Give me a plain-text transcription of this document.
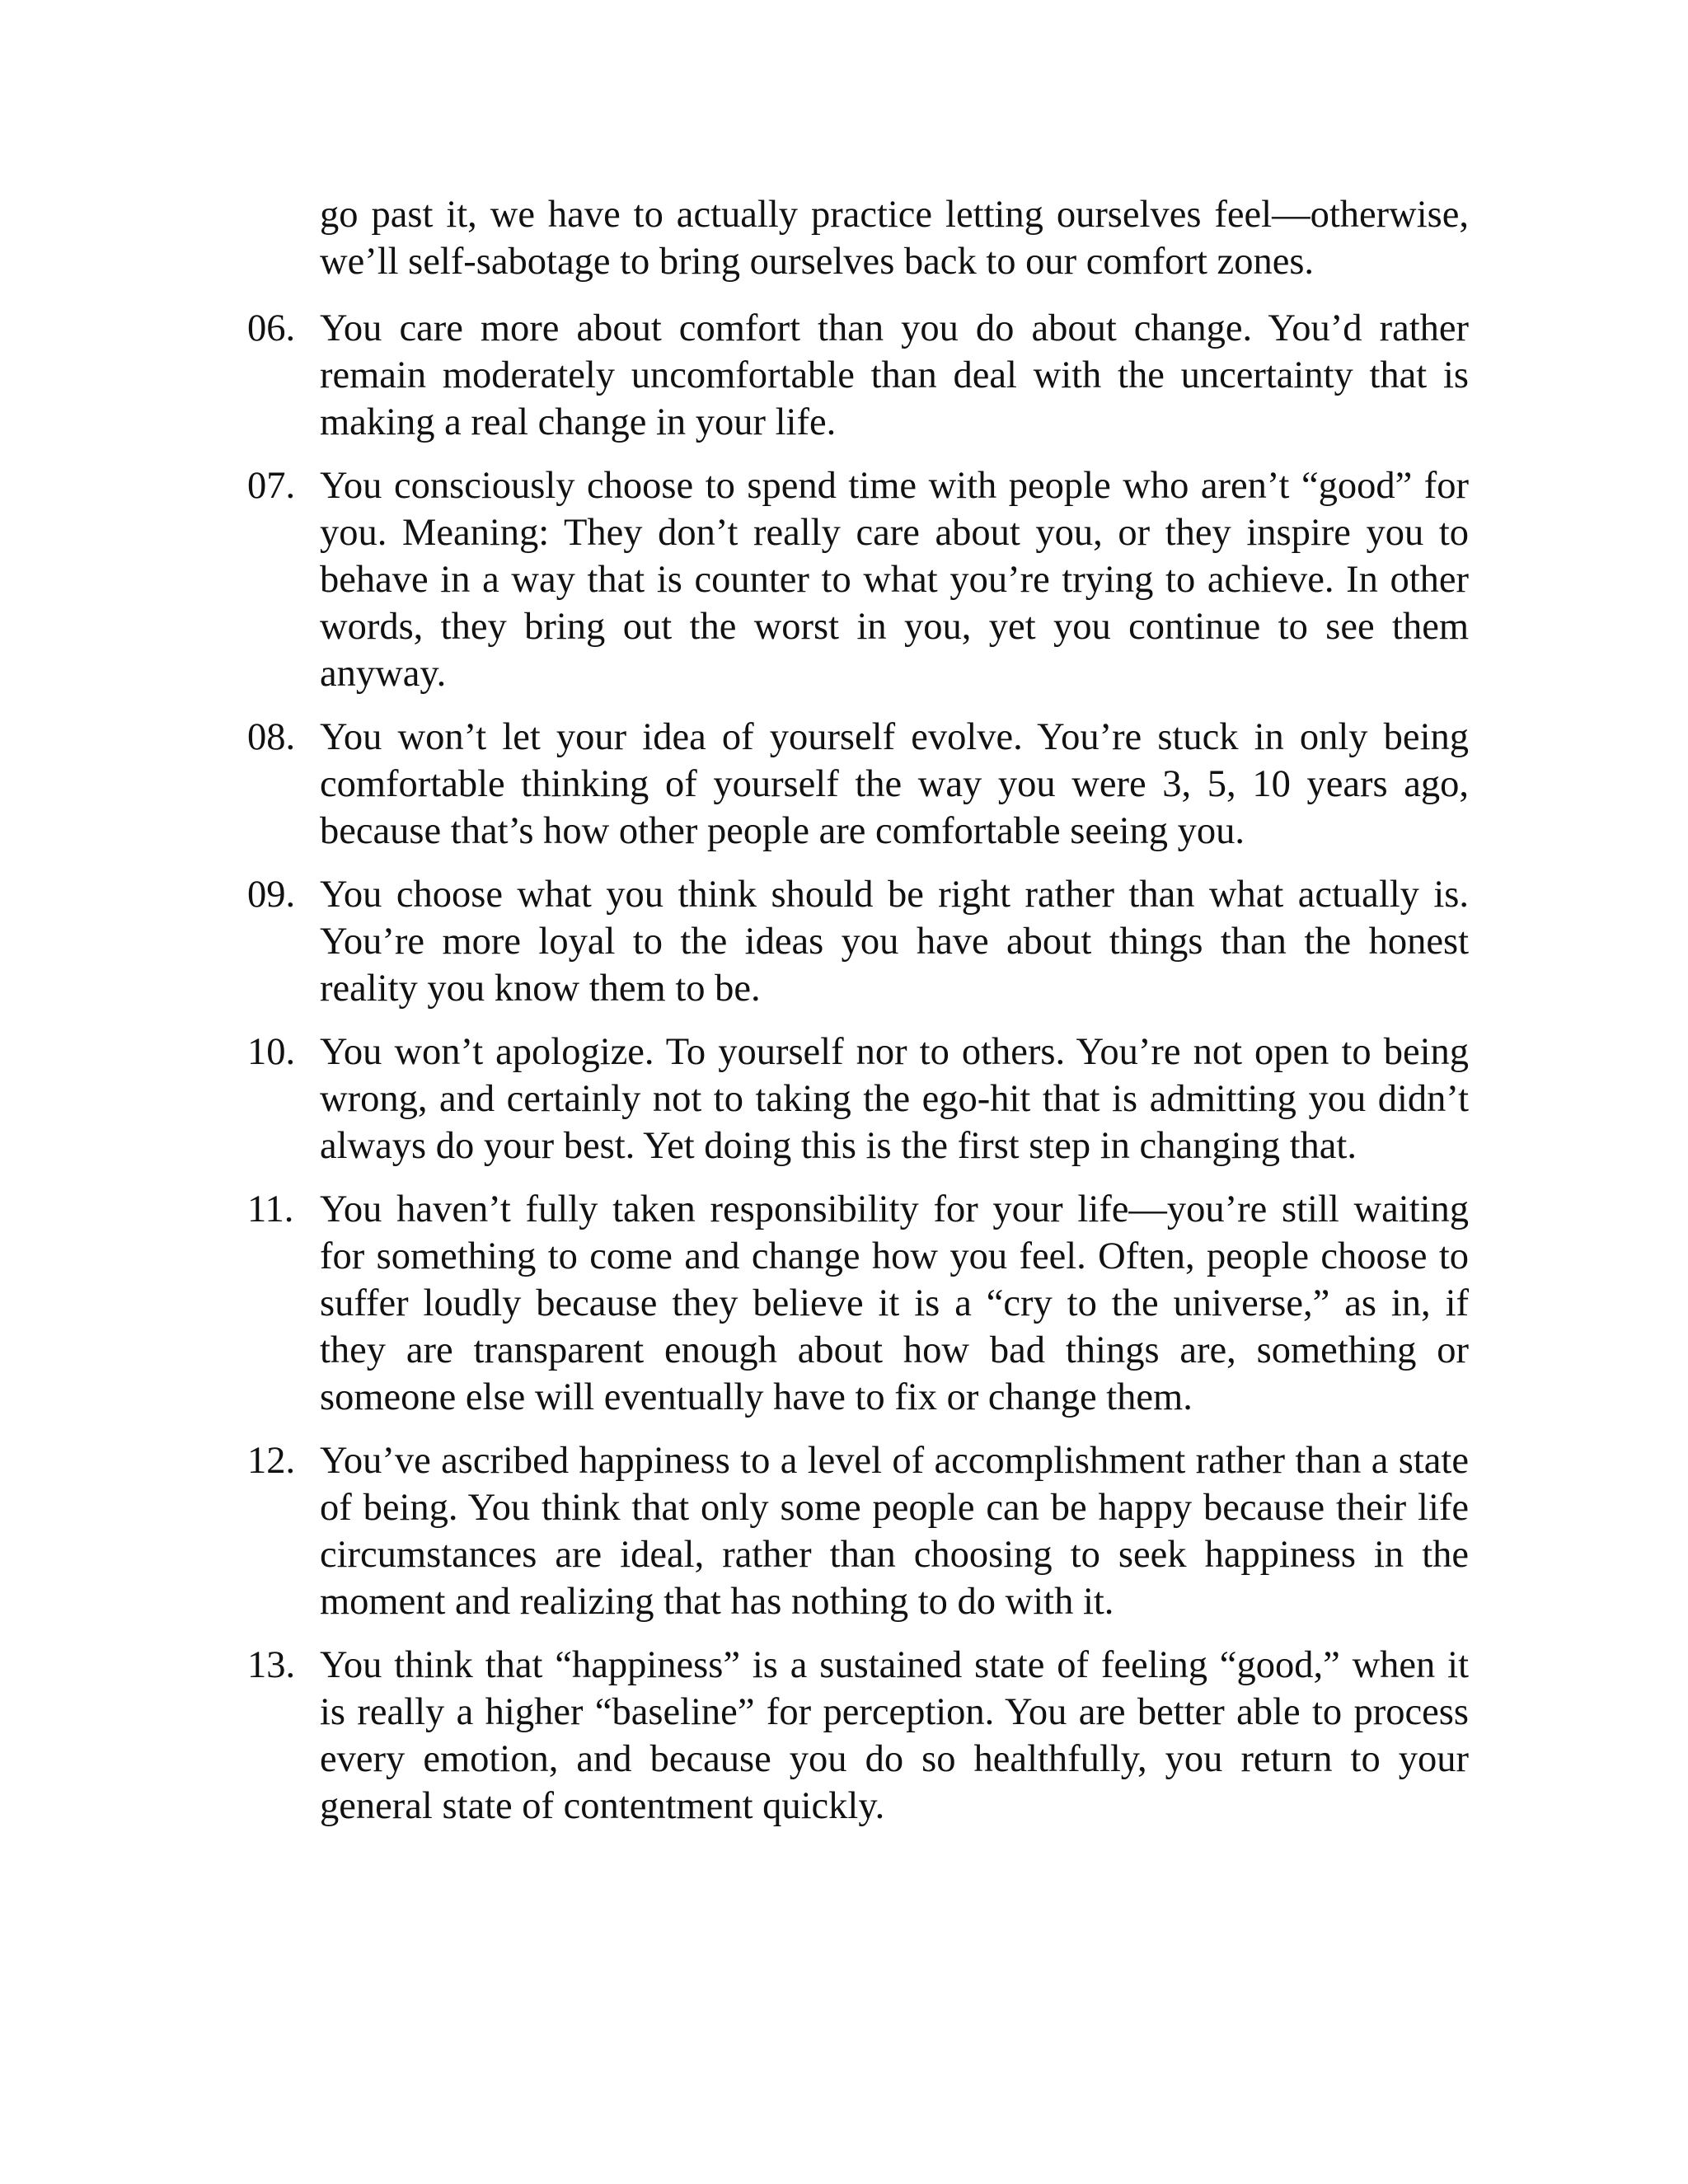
go past it, we have to actually practice letting ourselves feel—otherwise, we’ll self-sabotage to bring ourselves back to our comfort zones.

06. You care more about comfort than you do about change. You’d rather remain moderately uncomfortable than deal with the uncertainty that is making a real change in your life.
07. You consciously choose to spend time with people who aren’t “good” for you. Meaning: They don’t really care about you, or they inspire you to behave in a way that is counter to what you’re trying to achieve. In other words, they bring out the worst in you, yet you continue to see them anyway.
08. You won’t let your idea of yourself evolve. You’re stuck in only being comfortable thinking of yourself the way you were 3, 5, 10 years ago, because that’s how other people are comfortable seeing you.
09. You choose what you think should be right rather than what actually is. You’re more loyal to the ideas you have about things than the honest reality you know them to be.
10. You won’t apologize. To yourself nor to others. You’re not open to being wrong, and certainly not to taking the ego-hit that is admitting you didn’t always do your best. Yet doing this is the first step in changing that.
11. You haven’t fully taken responsibility for your life—you’re still waiting for something to come and change how you feel. Often, people choose to suffer loudly because they believe it is a “cry to the universe,” as in, if they are transparent enough about how bad things are, something or someone else will eventually have to fix or change them.
12. You’ve ascribed happiness to a level of accomplishment rather than a state of being. You think that only some people can be happy because their life circumstances are ideal, rather than choosing to seek happiness in the moment and realizing that has nothing to do with it.
13. You think that “happiness” is a sustained state of feeling “good,” when it is really a higher “baseline” for perception. You are better able to process every emotion, and because you do so healthfully, you return to your general state of contentment quickly.
